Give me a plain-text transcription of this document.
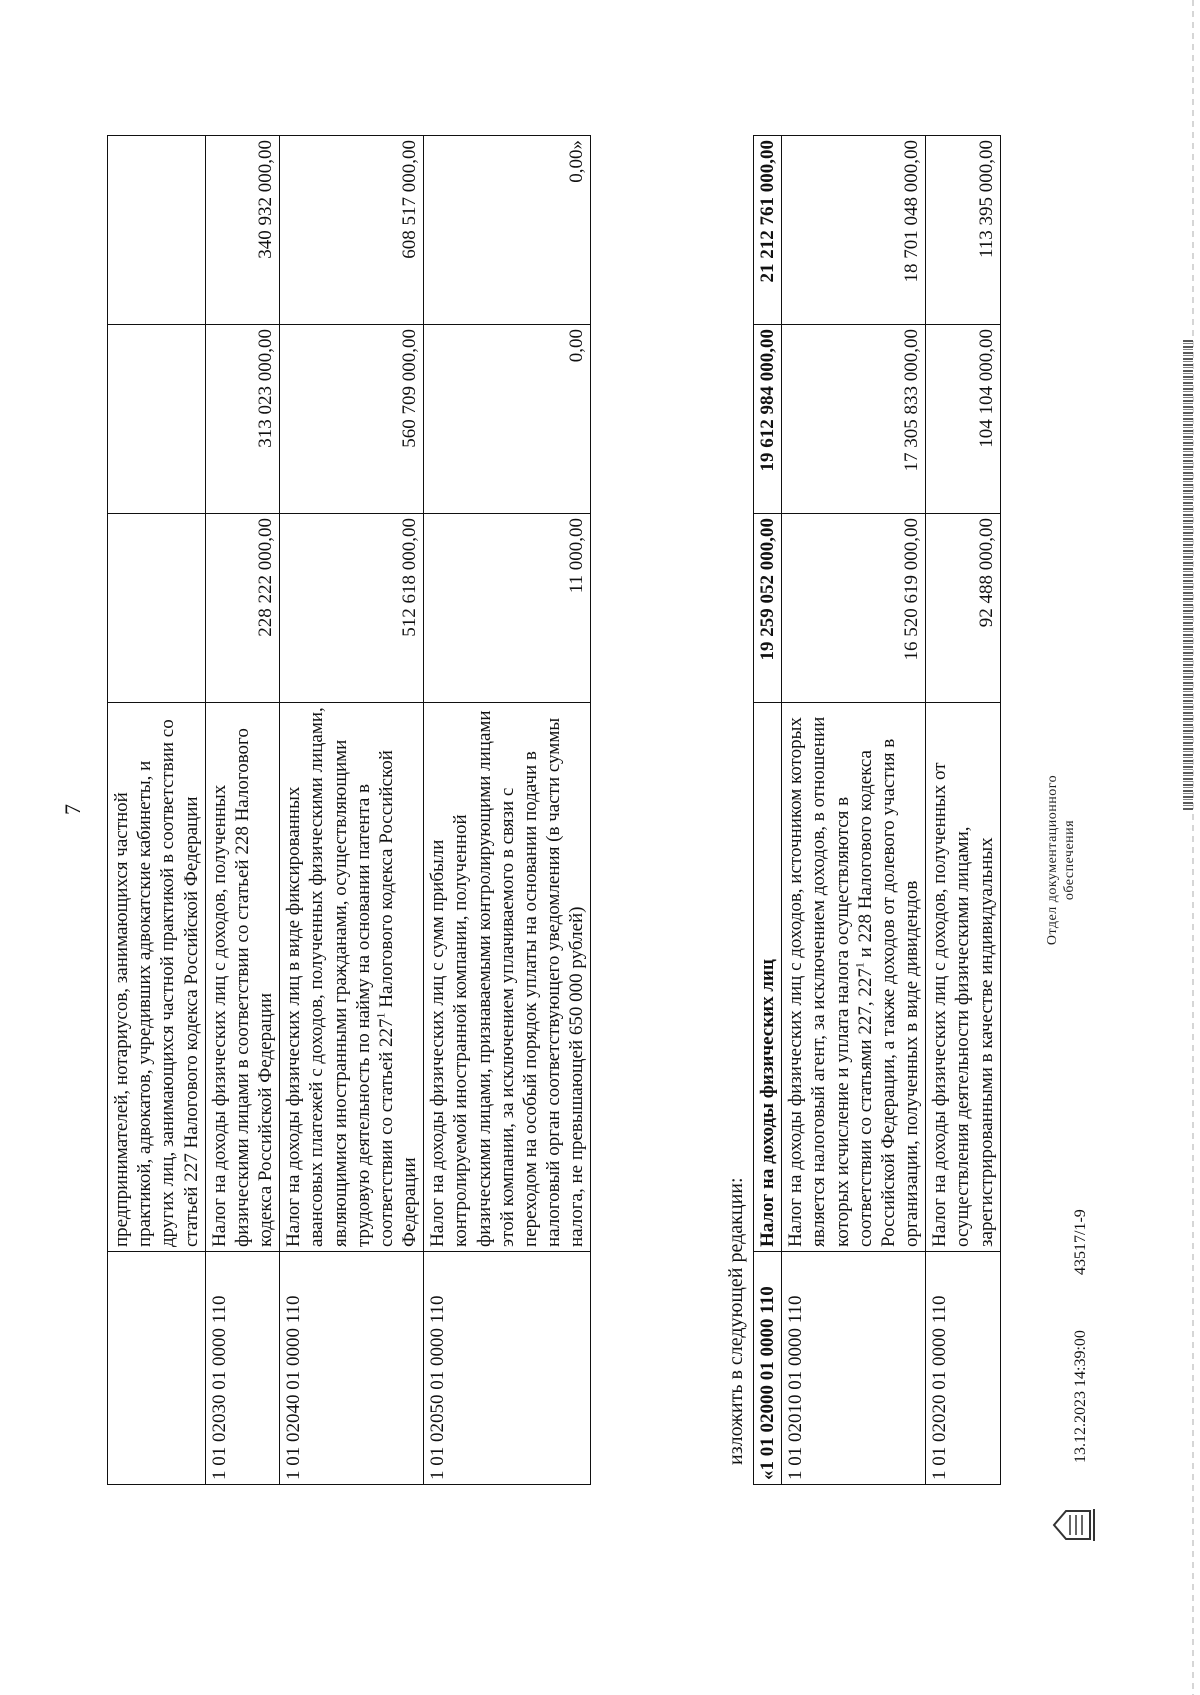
7
	предпринимателей, нотариусов, занимающихся частной практикой, адвокатов, учредивших адвокатские кабинеты, и других лиц, занимающихся частной практикой в соответствии со статьей 227 Налогового кодекса Российской Федерации			
1 01 02030 01 0000 110	Налог на доходы физических лиц с доходов, полученных физическими лицами в соответствии со статьей 228 Налогового кодекса Российской Федерации	228 222 000,00	313 023 000,00	340 932 000,00
1 01 02040 01 0000 110	Налог на доходы физических лиц в виде фиксированных авансовых платежей с доходов, полученных физическими лицами, являющимися иностранными гражданами, осуществляющими трудовую деятельность по найму на основании патента в соответствии со статьей $227^1$ Налогового кодекса Российской Федерации	512 618 000,00	560 709 000,00	608 517 000,00
1 01 02050 01 0000 110	Налог на доходы физических лиц с сумм прибыли контролируемой иностранной компании, полученной физическими лицами, признаваемыми контролирующими лицами этой компании, за исключением уплачиваемого в связи с переходом на особый порядок уплаты на основании подачи в налоговый орган соответствующего уведомления (в части суммы налога, не превышающей 650 000 рублей)	11 000,00	0,00	0,00»
изложить в следующей редакции: «1 01 02000 01 0000 110	Налог на доходы физических лиц	19 259 052 000,00	19 612 984 000,00	21 212 761 000,00
1 01 02010 01 0000 110	Налог на доходы физических лиц с доходов, источником которых является налоговый агент, за исключением доходов, в отношении которых исчисление и уплата налога осуществляются в соответствии со статьями 227, $227^1$ и 228 Налогового кодекса Российской Федерации, а также доходов от долевого участия в организации, полученных в виде дивидендов	16 520 619 000,00	17 305 833 000,00	18 701 048 000,00
1 01 02020 01 0000 110	Налог на доходы физических лиц с доходов, полученных от осуществления деятельности физическими лицами, зарегистрированными в качестве индивидуальных	92 488 000,00	104 104 000,00	113 395 000,00
13.12.2023 14:39:00
43517/1-9
Отдел документационного обеспечения
